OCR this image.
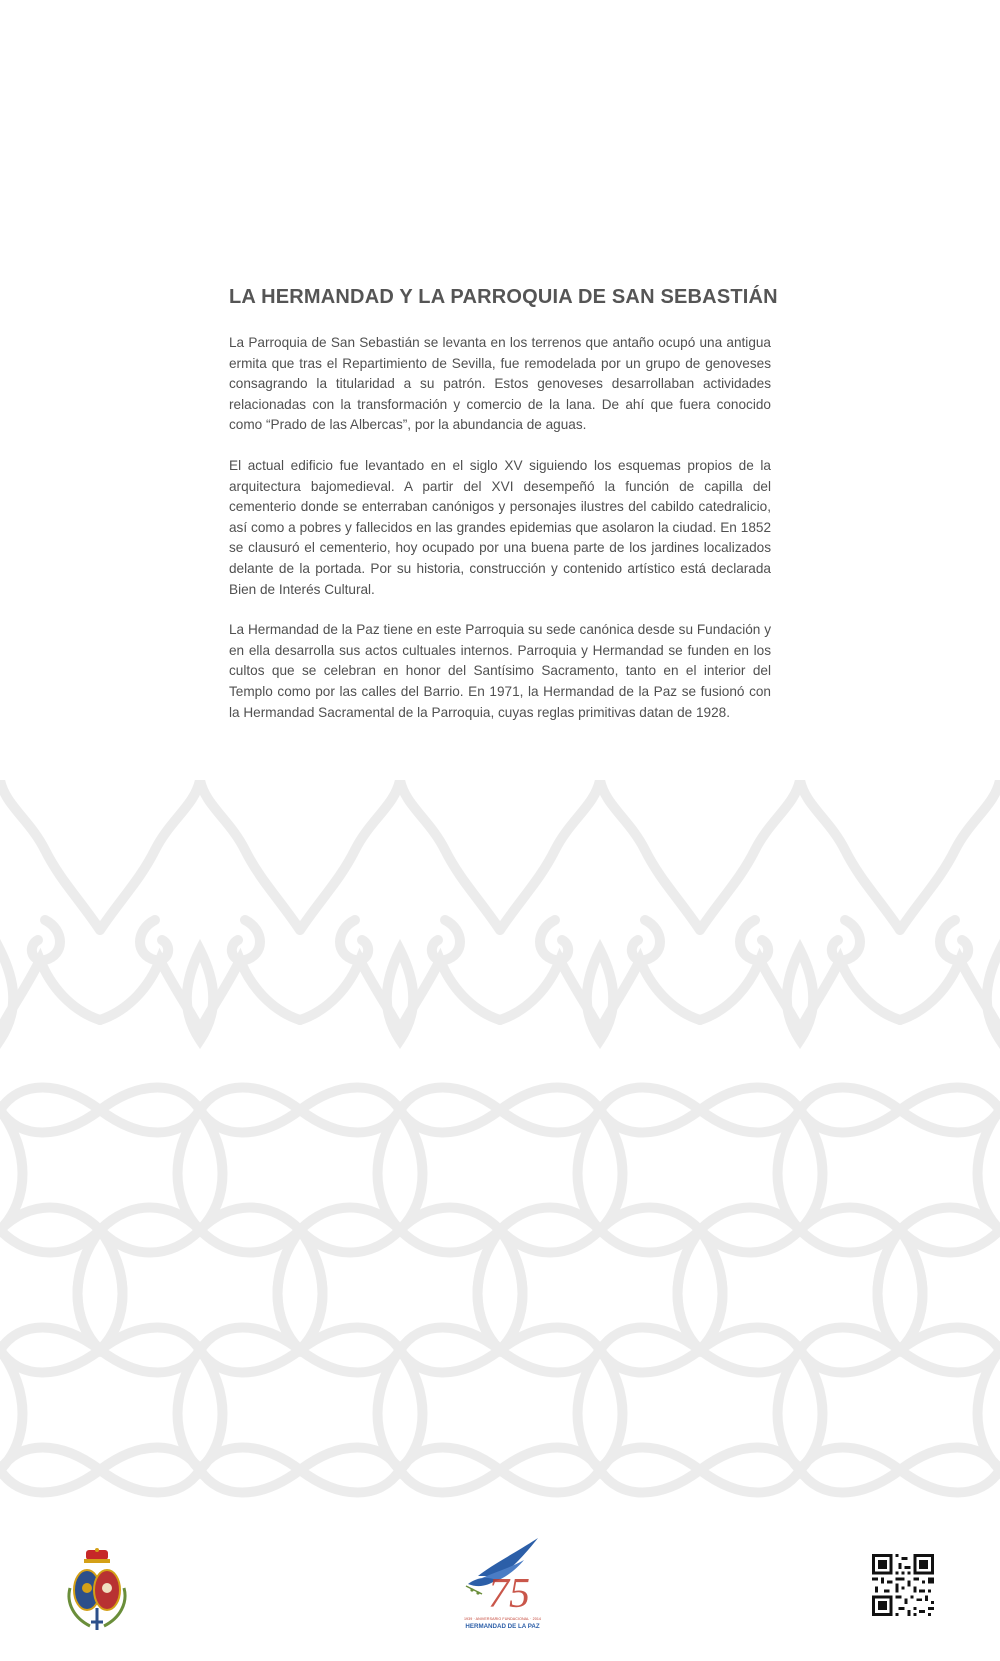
LA HERMANDAD Y LA PARROQUIA DE SAN SEBASTIÁN

La Parroquia de San Sebastián se levanta en los terrenos que antaño ocupó una antigua ermita que tras el Repartimiento de Sevilla, fue remodelada por un grupo de genoveses consagrando la titularidad a su patrón. Estos genoveses desarrollaban actividades relacionadas con la transformación y comercio de la lana. De ahí que fuera conocido como “Prado de las Albercas”, por la abundancia de aguas.

El actual edificio fue levantado en el siglo XV siguiendo los esquemas propios de la arquitectura bajomedieval. A partir del XVI desempeñó la función de capilla del cementerio donde se enterraban canónigos y personajes ilustres del cabildo catedralicio, así como a pobres y fallecidos en las grandes epidemias que asolaron la ciudad. En 1852 se clausuró el cementerio, hoy ocupado por una buena parte de los jardines localizados delante de la portada. Por su historia, construcción y contenido artístico está declarada Bien de Interés Cultural.

La Hermandad de la Paz tiene en este Parroquia su sede canónica desde su Fundación y en ella desarrolla sus actos cultuales internos. Parroquia y Hermandad se funden en los cultos que se celebran en honor del Santísimo Sacramento, tanto en el interior del Templo como por las calles del Barrio. En 1971, la Hermandad de la Paz se fusionó con la Hermandad Sacramental de la Parroquia, cuyas reglas primitivas datan de 1928.

75
1939 · ANIVERSARIO FUNDACIONAL · 2014
HERMANDAD DE LA PAZ
